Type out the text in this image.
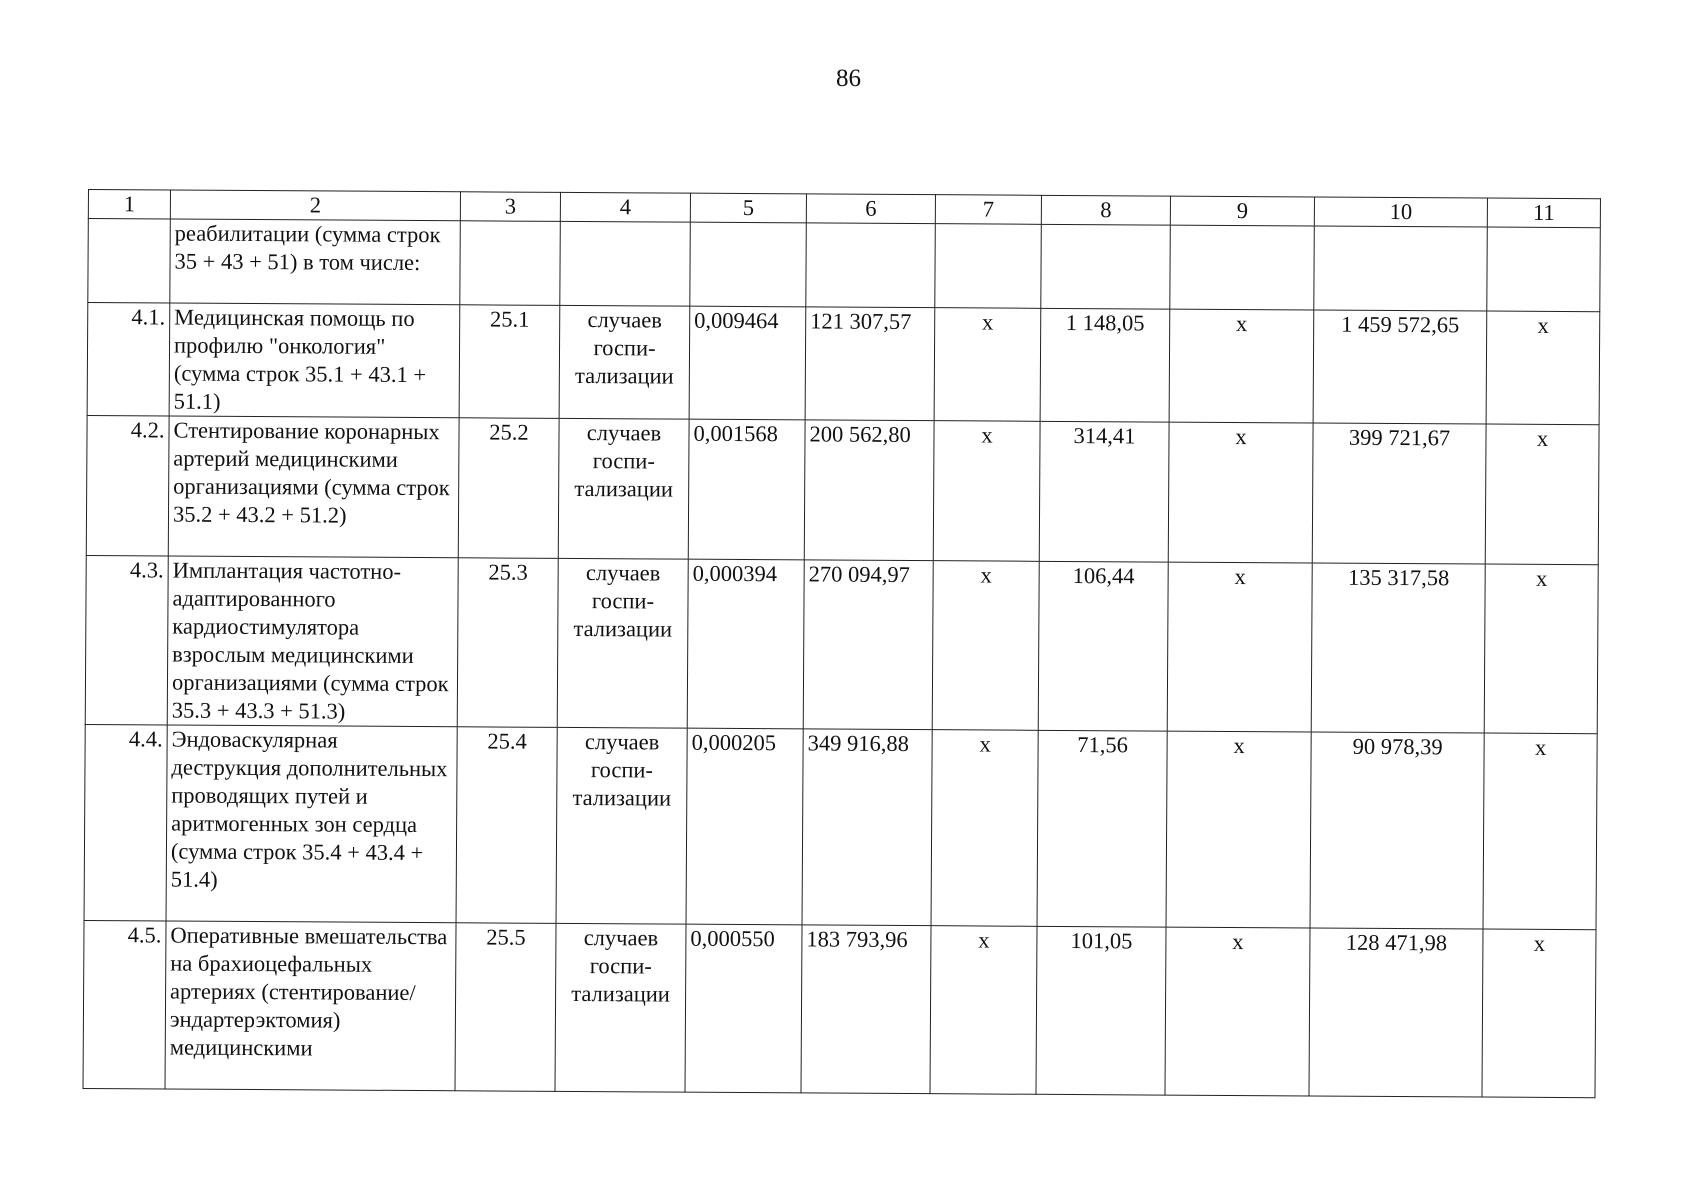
86
1	2	3	4	5	6	7	8	9	10	11
	реабилитации (сумма строк 35 + 43 + 51) в том числе:									
4.1.	Медицинская помощь по профилю "онкология" (сумма строк 35.1 + 43.1 + 51.1)	25.1	случаев госпи-тализации	0,009464	121 307,57	х	1 148,05	х	1 459 572,65	х
4.2.	Стентирование коронарных артерий медицинскими организациями (сумма строк 35.2 + 43.2 + 51.2)	25.2	случаев госпи-тализации	0,001568	200 562,80	х	314,41	х	399 721,67	х
4.3.	Имплантация частотно-адаптированного кардиостимулятора взрослым медицинскими организациями (сумма строк 35.3 + 43.3 + 51.3)	25.3	случаев госпи-тализации	0,000394	270 094,97	х	106,44	х	135 317,58	х
4.4.	Эндоваскулярная деструкция дополнительных проводящих путей и аритмогенных зон сердца (сумма строк 35.4 + 43.4 + 51.4)	25.4	случаев госпи-тализации	0,000205	349 916,88	х	71,56	х	90 978,39	х
4.5.	Оперативные вмешательства на брахиоцефальных артериях (стентирование/ эндартерэктомия) медицинскими	25.5	случаев госпи-тализации	0,000550	183 793,96	х	101,05	х	128 471,98	х
